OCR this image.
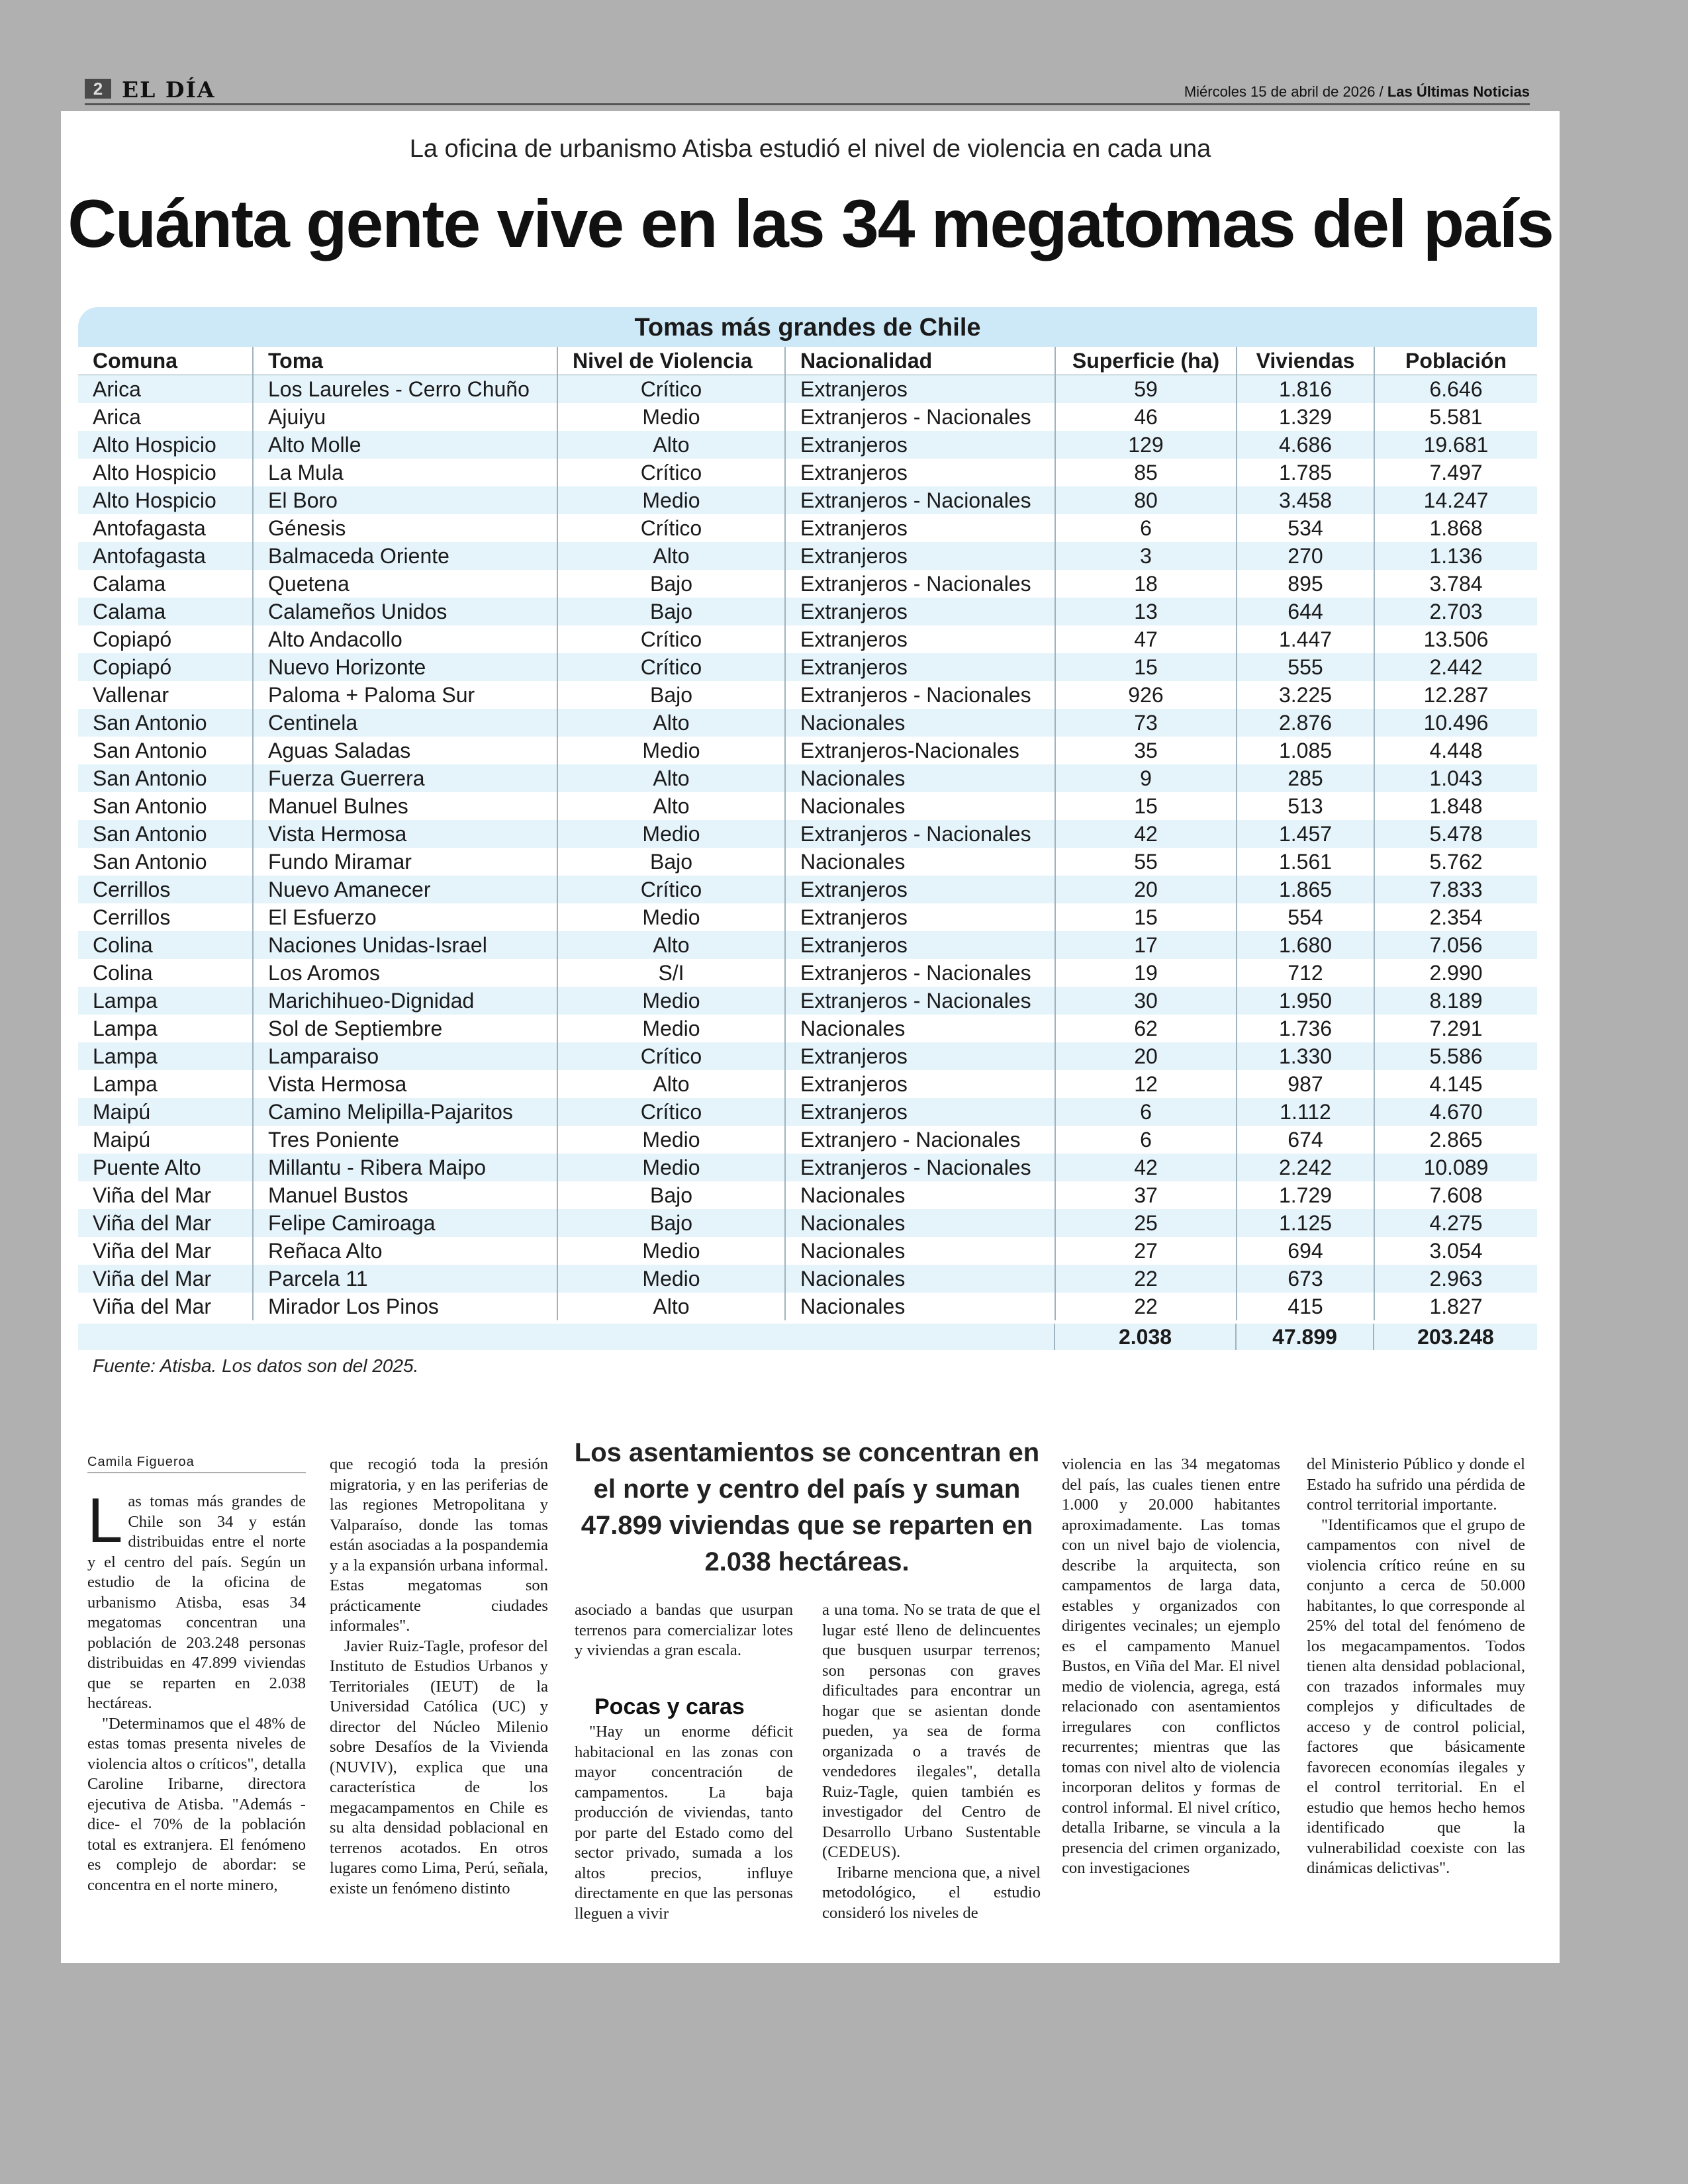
2 EL DÍA	Miércoles 15 de abril de 2026 / Las Últimas Noticias
La oficina de urbanismo Atisba estudió el nivel de violencia en cada una
Cuánta gente vive en las 34 megatomas del país
Tomas más grandes de Chile
Comuna	Toma	Nivel de Violencia	Nacionalidad	Superficie (ha)	Viviendas	Población
Arica	Los Laureles - Cerro Chuño	Crítico	Extranjeros	59	1.816	6.646
Arica	Ajuiyu	Medio	Extranjeros - Nacionales	46	1.329	5.581
Alto Hospicio	Alto Molle	Alto	Extranjeros	129	4.686	19.681
Alto Hospicio	La Mula	Crítico	Extranjeros	85	1.785	7.497
Alto Hospicio	El Boro	Medio	Extranjeros - Nacionales	80	3.458	14.247
Antofagasta	Génesis	Crítico	Extranjeros	6	534	1.868
Antofagasta	Balmaceda Oriente	Alto	Extranjeros	3	270	1.136
Calama	Quetena	Bajo	Extranjeros - Nacionales	18	895	3.784
Calama	Calameños Unidos	Bajo	Extranjeros	13	644	2.703
Copiapó	Alto Andacollo	Crítico	Extranjeros	47	1.447	13.506
Copiapó	Nuevo Horizonte	Crítico	Extranjeros	15	555	2.442
Vallenar	Paloma + Paloma Sur	Bajo	Extranjeros - Nacionales	926	3.225	12.287
San Antonio	Centinela	Alto	Nacionales	73	2.876	10.496
San Antonio	Aguas Saladas	Medio	Extranjeros-Nacionales	35	1.085	4.448
San Antonio	Fuerza Guerrera	Alto	Nacionales	9	285	1.043
San Antonio	Manuel Bulnes	Alto	Nacionales	15	513	1.848
San Antonio	Vista Hermosa	Medio	Extranjeros - Nacionales	42	1.457	5.478
San Antonio	Fundo Miramar	Bajo	Nacionales	55	1.561	5.762
Cerrillos	Nuevo Amanecer	Crítico	Extranjeros	20	1.865	7.833
Cerrillos	El Esfuerzo	Medio	Extranjeros	15	554	2.354
Colina	Naciones Unidas-Israel	Alto	Extranjeros	17	1.680	7.056
Colina	Los Aromos	S/I	Extranjeros - Nacionales	19	712	2.990
Lampa	Marichihueo-Dignidad	Medio	Extranjeros - Nacionales	30	1.950	8.189
Lampa	Sol de Septiembre	Medio	Nacionales	62	1.736	7.291
Lampa	Lamparaiso	Crítico	Extranjeros	20	1.330	5.586
Lampa	Vista Hermosa	Alto	Extranjeros	12	987	4.145
Maipú	Camino Melipilla-Pajaritos	Crítico	Extranjeros	6	1.112	4.670
Maipú	Tres Poniente	Medio	Extranjero - Nacionales	6	674	2.865
Puente Alto	Millantu - Ribera Maipo	Medio	Extranjeros - Nacionales	42	2.242	10.089
Viña del Mar	Manuel Bustos	Bajo	Nacionales	37	1.729	7.608
Viña del Mar	Felipe Camiroaga	Bajo	Nacionales	25	1.125	4.275
Viña del Mar	Reñaca Alto	Medio	Nacionales	27	694	3.054
Viña del Mar	Parcela 11	Medio	Nacionales	22	673	2.963
Viña del Mar	Mirador Los Pinos	Alto	Nacionales	22	415	1.827
2.038	47.899	203.248
Fuente: Atisba. Los datos son del 2025.
Camila Figueroa

Las tomas más grandes de Chile son 34 y están distribuidas entre el norte y el centro del país. Según un estudio de la oficina de urbanismo Atisba, esas 34 megatomas concentran una población de 203.248 personas distribuidas en 47.899 viviendas que se reparten en 2.038 hectáreas.

"Determinamos que el 48% de estas tomas presenta niveles de violencia altos o críticos", detalla Caroline Iribarne, directora ejecutiva de Atisba. "Además -dice- el 70% de la población total es extranjera. El fenómeno es complejo de abordar: se concentra en el norte minero,

que recogió toda la presión migratoria, y en las periferias de las regiones Metropolitana y Valparaíso, donde las tomas están asociadas a la pospandemia y a la expansión urbana informal. Estas megatomas son prácticamente ciudades informales".

Javier Ruiz-Tagle, profesor del Instituto de Estudios Urbanos y Territoriales (IEUT) de la Universidad Católica (UC) y director del Núcleo Milenio sobre Desafíos de la Vivienda (NUVIV), explica que una característica de los megacampamentos en Chile es su alta densidad poblacional en terrenos acotados. En otros lugares como Lima, Perú, señala, existe un fenómeno distinto

Los asentamientos se concentran en el norte y centro del país y suman 47.899 viviendas que se reparten en 2.038 hectáreas.

asociado a bandas que usurpan terrenos para comercializar lotes y viviendas a gran escala.

Pocas y caras

"Hay un enorme déficit habitacional en las zonas con mayor concentración de campamentos. La baja producción de viviendas, tanto por parte del Estado como del sector privado, sumada a los altos precios, influye directamente en que las personas lleguen a vivir

a una toma. No se trata de que el lugar esté lleno de delincuentes que busquen usurpar terrenos; son personas con graves dificultades para encontrar un hogar que se asientan donde pueden, ya sea de forma organizada o a través de vendedores ilegales", detalla Ruiz-Tagle, quien también es investigador del Centro de Desarrollo Urbano Sustentable (CEDEUS).

Iribarne menciona que, a nivel metodológico, el estudio consideró los niveles de

violencia en las 34 megatomas del país, las cuales tienen entre 1.000 y 20.000 habitantes aproximadamente. Las tomas con un nivel bajo de violencia, describe la arquitecta, son campamentos de larga data, estables y organizados con dirigentes vecinales; un ejemplo es el campamento Manuel Bustos, en Viña del Mar. El nivel medio de violencia, agrega, está relacionado con asentamientos irregulares con conflictos recurrentes; mientras que las tomas con nivel alto de violencia incorporan delitos y formas de control informal. El nivel crítico, detalla Iribarne, se vincula a la presencia del crimen organizado, con investigaciones

del Ministerio Público y donde el Estado ha sufrido una pérdida de control territorial importante.

"Identificamos que el grupo de campamentos con nivel de violencia crítico reúne en su conjunto a cerca de 50.000 habitantes, lo que corresponde al 25% del total del fenómeno de los megacampamentos. Todos tienen alta densidad poblacional, con trazados informales muy complejos y dificultades de acceso y de control policial, factores que básicamente favorecen economías ilegales y el control territorial. En el estudio que hemos hecho hemos identificado que la vulnerabilidad coexiste con las dinámicas delictivas".
